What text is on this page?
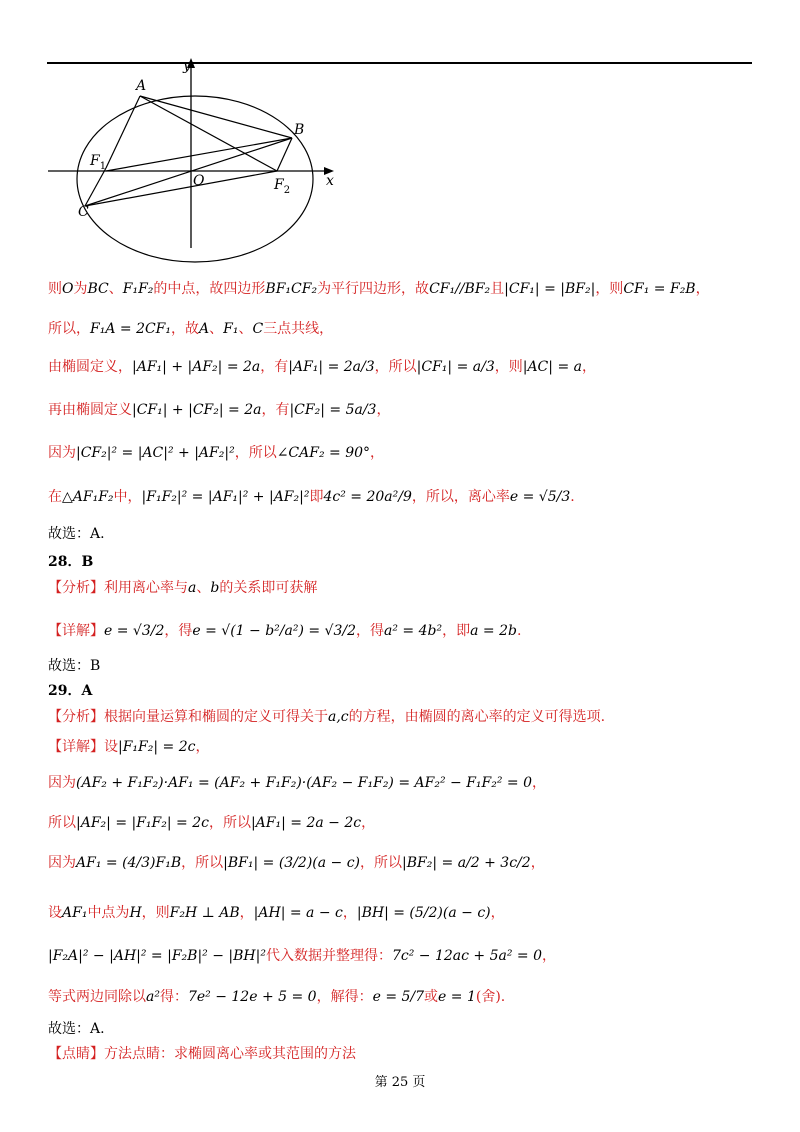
y
A
B
C
O	x
$F_1$
$F_2$
则O为BC、F₁F₂的中点，故四边形BF₁CF₂为平行四边形，故CF₁//BF₂且|CF₁| = |BF₂|，则CF₁ = F₂B，
所以，F₁A = 2CF₁，故A、F₁、C三点共线，
由椭圆定义，|AF₁| + |AF₂| = 2a，有|AF₁| = 2a/3，所以|CF₁| = a/3，则|AC| = a，
再由椭圆定义|CF₁| + |CF₂| = 2a，有|CF₂| = 5a/3，
因为|CF₂|² = |AC|² + |AF₂|²，所以∠CAF₂ = 90°，
在△AF₁F₂中，|F₁F₂|² = |AF₁|² + |AF₂|²即4c² = 20a²/9，所以，离心率e = √5/3.
故选：A.
28．B
【分析】利用离心率与a、b的关系即可获解
【详解】e = √3/2，得e = √(1 − b²/a²) = √3/2，得a² = 4b²，即a = 2b.
故选：B
29．A
【分析】根据向量运算和椭圆的定义可得关于a,c的方程，由椭圆的离心率的定义可得选项.
【详解】设|F₁F₂| = 2c，
因为(AF₂ + F₁F₂)·AF₁ = (AF₂ + F₁F₂)·(AF₂ − F₁F₂) = AF₂² − F₁F₂² = 0，
所以|AF₂| = |F₁F₂| = 2c，所以|AF₁| = 2a − 2c，
因为AF₁ = (4/3)F₁B，所以|BF₁| = (3/2)(a − c)，所以|BF₂| = a/2 + 3c/2，
设AF₁中点为H，则F₂H ⊥ AB，|AH| = a − c，|BH| = (5/2)(a − c)，
|F₂A|² − |AH|² = |F₂B|² − |BH|²代入数据并整理得：7c² − 12ac + 5a² = 0，
等式两边同除以a²得：7e² − 12e + 5 = 0，解得：e = 5/7或e = 1(舍).
故选：A.
【点睛】方法点睛：求椭圆离心率或其范围的方法
第 25 页
